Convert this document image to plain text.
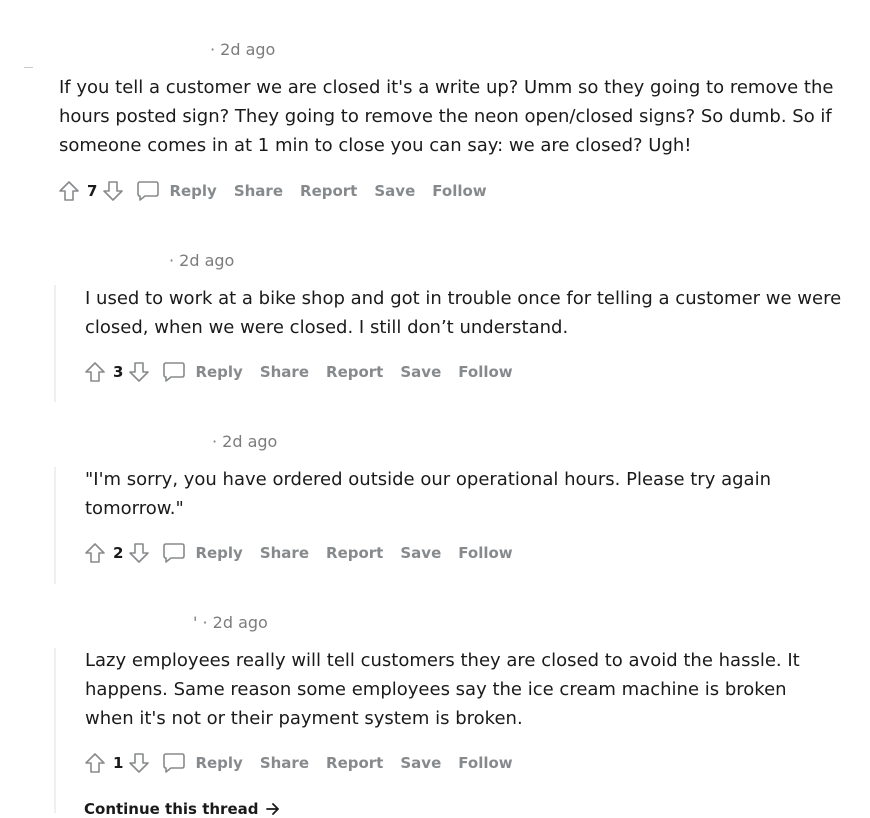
· 2d ago
If you tell a customer we are closed it's a write up? Umm so they going to remove the hours posted sign? They going to remove the neon open/closed signs? So dumb. So if someone comes in at 1 min to close you can say: we are closed? Ugh!
7	Reply Share Report Save Follow
· 2d ago
I used to work at a bike shop and got in trouble once for telling a customer we were closed, when we were closed. I still don’t understand.
3	Reply Share Report Save Follow
· 2d ago
"I'm sorry, you have ordered outside our operational hours. Please try again tomorrow."
2	Reply Share Report Save Follow
' · 2d ago
Lazy employees really will tell customers they are closed to avoid the hassle. It happens. Same reason some employees say the ice cream machine is broken when it's not or their payment system is broken.
1	Reply Share Report Save Follow
Continue this thread
